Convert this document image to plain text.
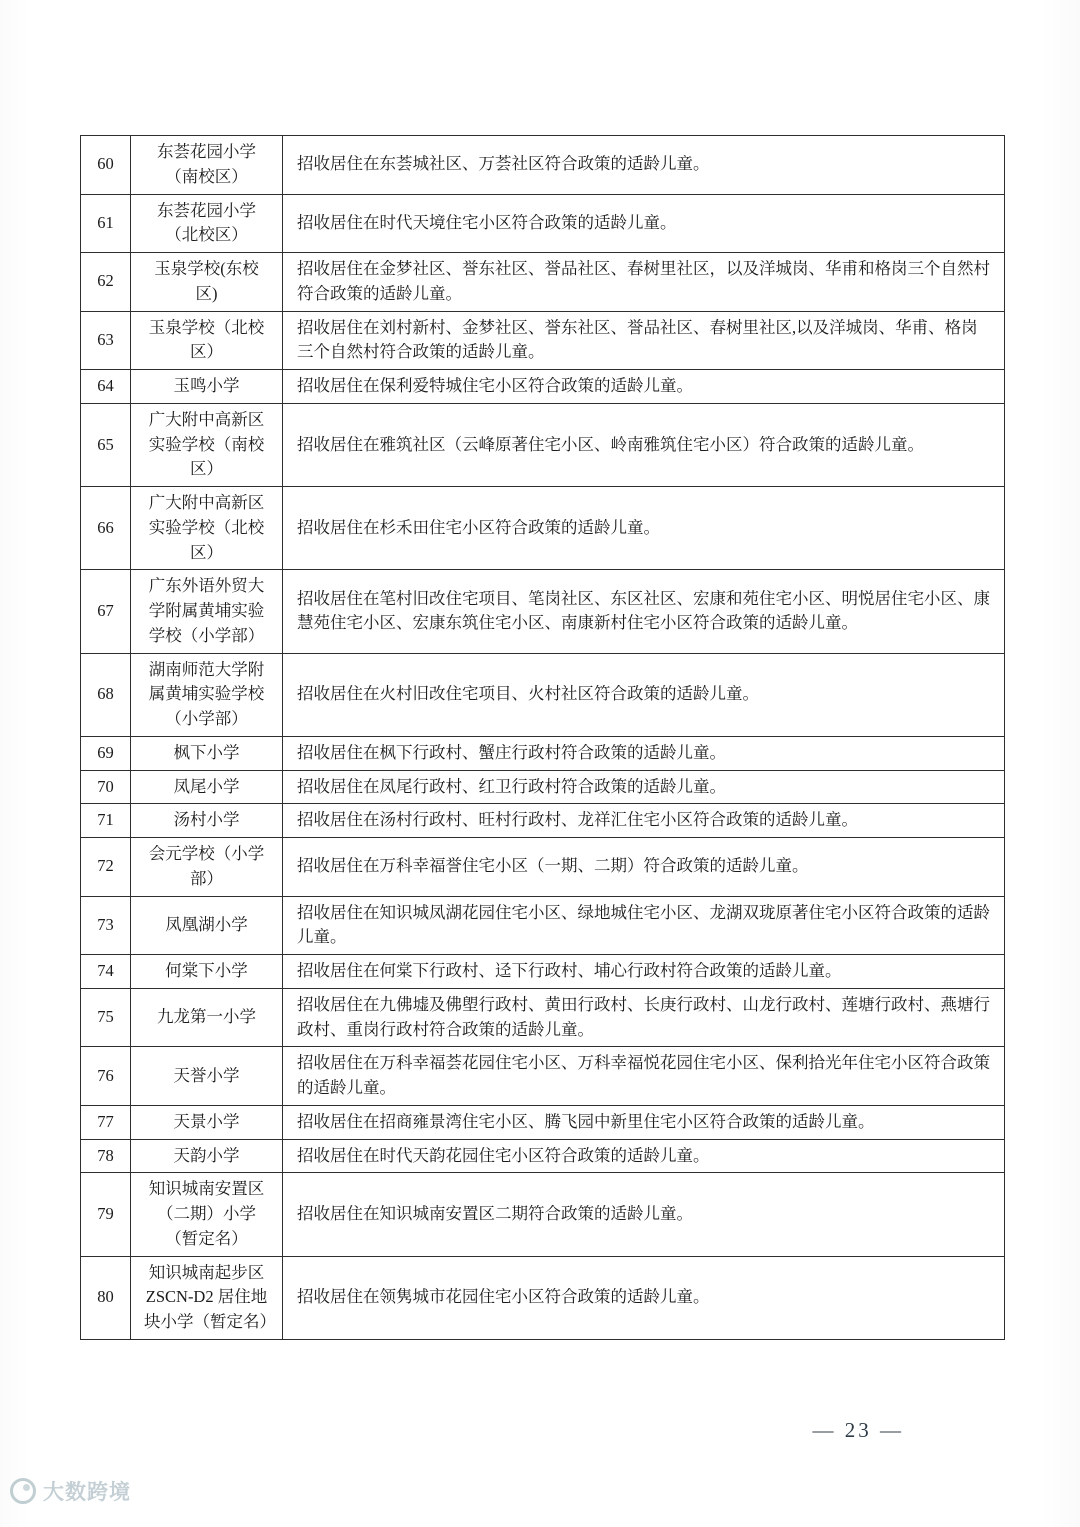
60	东荟花园小学（南校区）	招收居住在东荟城社区、万荟社区符合政策的适龄儿童。
61	东荟花园小学（北校区）	招收居住在时代天境住宅小区符合政策的适龄儿童。
62	玉泉学校(东校区)	招收居住在金梦社区、誉东社区、誉品社区、春树里社区，以及洋城岗、华甫和格岗三个自然村符合政策的适龄儿童。
63	玉泉学校（北校区）	招收居住在刘村新村、金梦社区、誉东社区、誉品社区、春树里社区,以及洋城岗、华甫、格岗三个自然村符合政策的适龄儿童。
64	玉鸣小学	招收居住在保利爱特城住宅小区符合政策的适龄儿童。
65	广大附中高新区实验学校（南校区）	招收居住在雅筑社区（云峰原著住宅小区、岭南雅筑住宅小区）符合政策的适龄儿童。
66	广大附中高新区实验学校（北校区）	招收居住在杉禾田住宅小区符合政策的适龄儿童。
67	广东外语外贸大学附属黄埔实验学校（小学部）	招收居住在笔村旧改住宅项目、笔岗社区、东区社区、宏康和苑住宅小区、明悦居住宅小区、康慧苑住宅小区、宏康东筑住宅小区、南康新村住宅小区符合政策的适龄儿童。
68	湖南师范大学附属黄埔实验学校（小学部）	招收居住在火村旧改住宅项目、火村社区符合政策的适龄儿童。
69	枫下小学	招收居住在枫下行政村、蟹庄行政村符合政策的适龄儿童。
70	凤尾小学	招收居住在凤尾行政村、红卫行政村符合政策的适龄儿童。
71	汤村小学	招收居住在汤村行政村、旺村行政村、龙祥汇住宅小区符合政策的适龄儿童。
72	会元学校（小学部）	招收居住在万科幸福誉住宅小区（一期、二期）符合政策的适龄儿童。
73	凤凰湖小学	招收居住在知识城凤湖花园住宅小区、绿地城住宅小区、龙湖双珑原著住宅小区符合政策的适龄儿童。
74	何棠下小学	招收居住在何棠下行政村、迳下行政村、埔心行政村符合政策的适龄儿童。
75	九龙第一小学	招收居住在九佛墟及佛塱行政村、黄田行政村、长庚行政村、山龙行政村、莲塘行政村、燕塘行政村、重岗行政村符合政策的适龄儿童。
76	天誉小学	招收居住在万科幸福荟花园住宅小区、万科幸福悦花园住宅小区、保利拾光年住宅小区符合政策的适龄儿童。
77	天景小学	招收居住在招商雍景湾住宅小区、腾飞园中新里住宅小区符合政策的适龄儿童。
78	天韵小学	招收居住在时代天韵花园住宅小区符合政策的适龄儿童。
79	知识城南安置区（二期）小学（暂定名）	招收居住在知识城南安置区二期符合政策的适龄儿童。
80	知识城南起步区 ZSCN-D2 居住地块小学（暂定名）	招收居住在领隽城市花园住宅小区符合政策的适龄儿童。
— 23 —
大数跨境
